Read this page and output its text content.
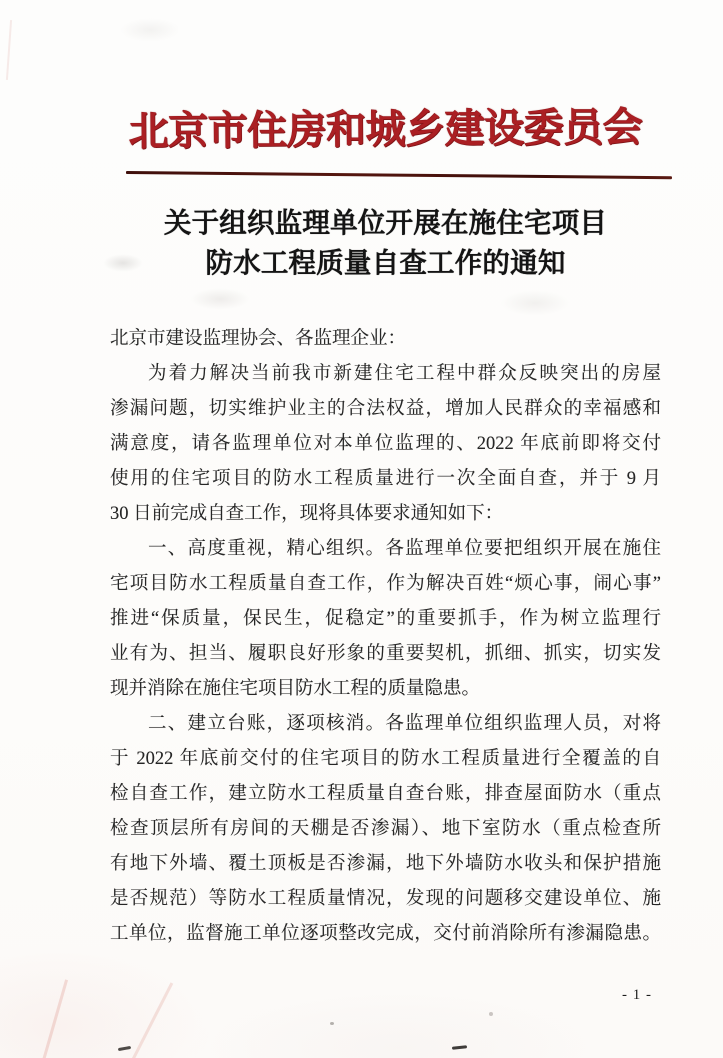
北京市住房和城乡建设委员会
关于组织监理单位开展在施住宅项目
防水工程质量自查工作的通知
北京市建设监理协会、各监理企业：
为着力解决当前我市新建住宅工程中群众反映突出的房屋
渗漏问题，切实维护业主的合法权益，增加人民群众的幸福感和
满意度，请各监理单位对本单位监理的、2022 年底前即将交付
使用的住宅项目的防水工程质量进行一次全面自查，并于 9 月
30 日前完成自查工作，现将具体要求通知如下：
一、高度重视，精心组织。各监理单位要把组织开展在施住
宅项目防水工程质量自查工作，作为解决百姓“烦心事，闹心事”
推进“保质量，保民生，促稳定”的重要抓手，作为树立监理行
业有为、担当、履职良好形象的重要契机，抓细、抓实，切实发
现并消除在施住宅项目防水工程的质量隐患。
二、建立台账，逐项核消。各监理单位组织监理人员，对将
于 2022 年底前交付的住宅项目的防水工程质量进行全覆盖的自
检自查工作，建立防水工程质量自查台账，排查屋面防水（重点
检查顶层所有房间的天棚是否渗漏）、地下室防水（重点检查所
有地下外墙、覆土顶板是否渗漏，地下外墙防水收头和保护措施
是否规范）等防水工程质量情况，发现的问题移交建设单位、施
工单位，监督施工单位逐项整改完成，交付前消除所有渗漏隐患。
- 1 -
